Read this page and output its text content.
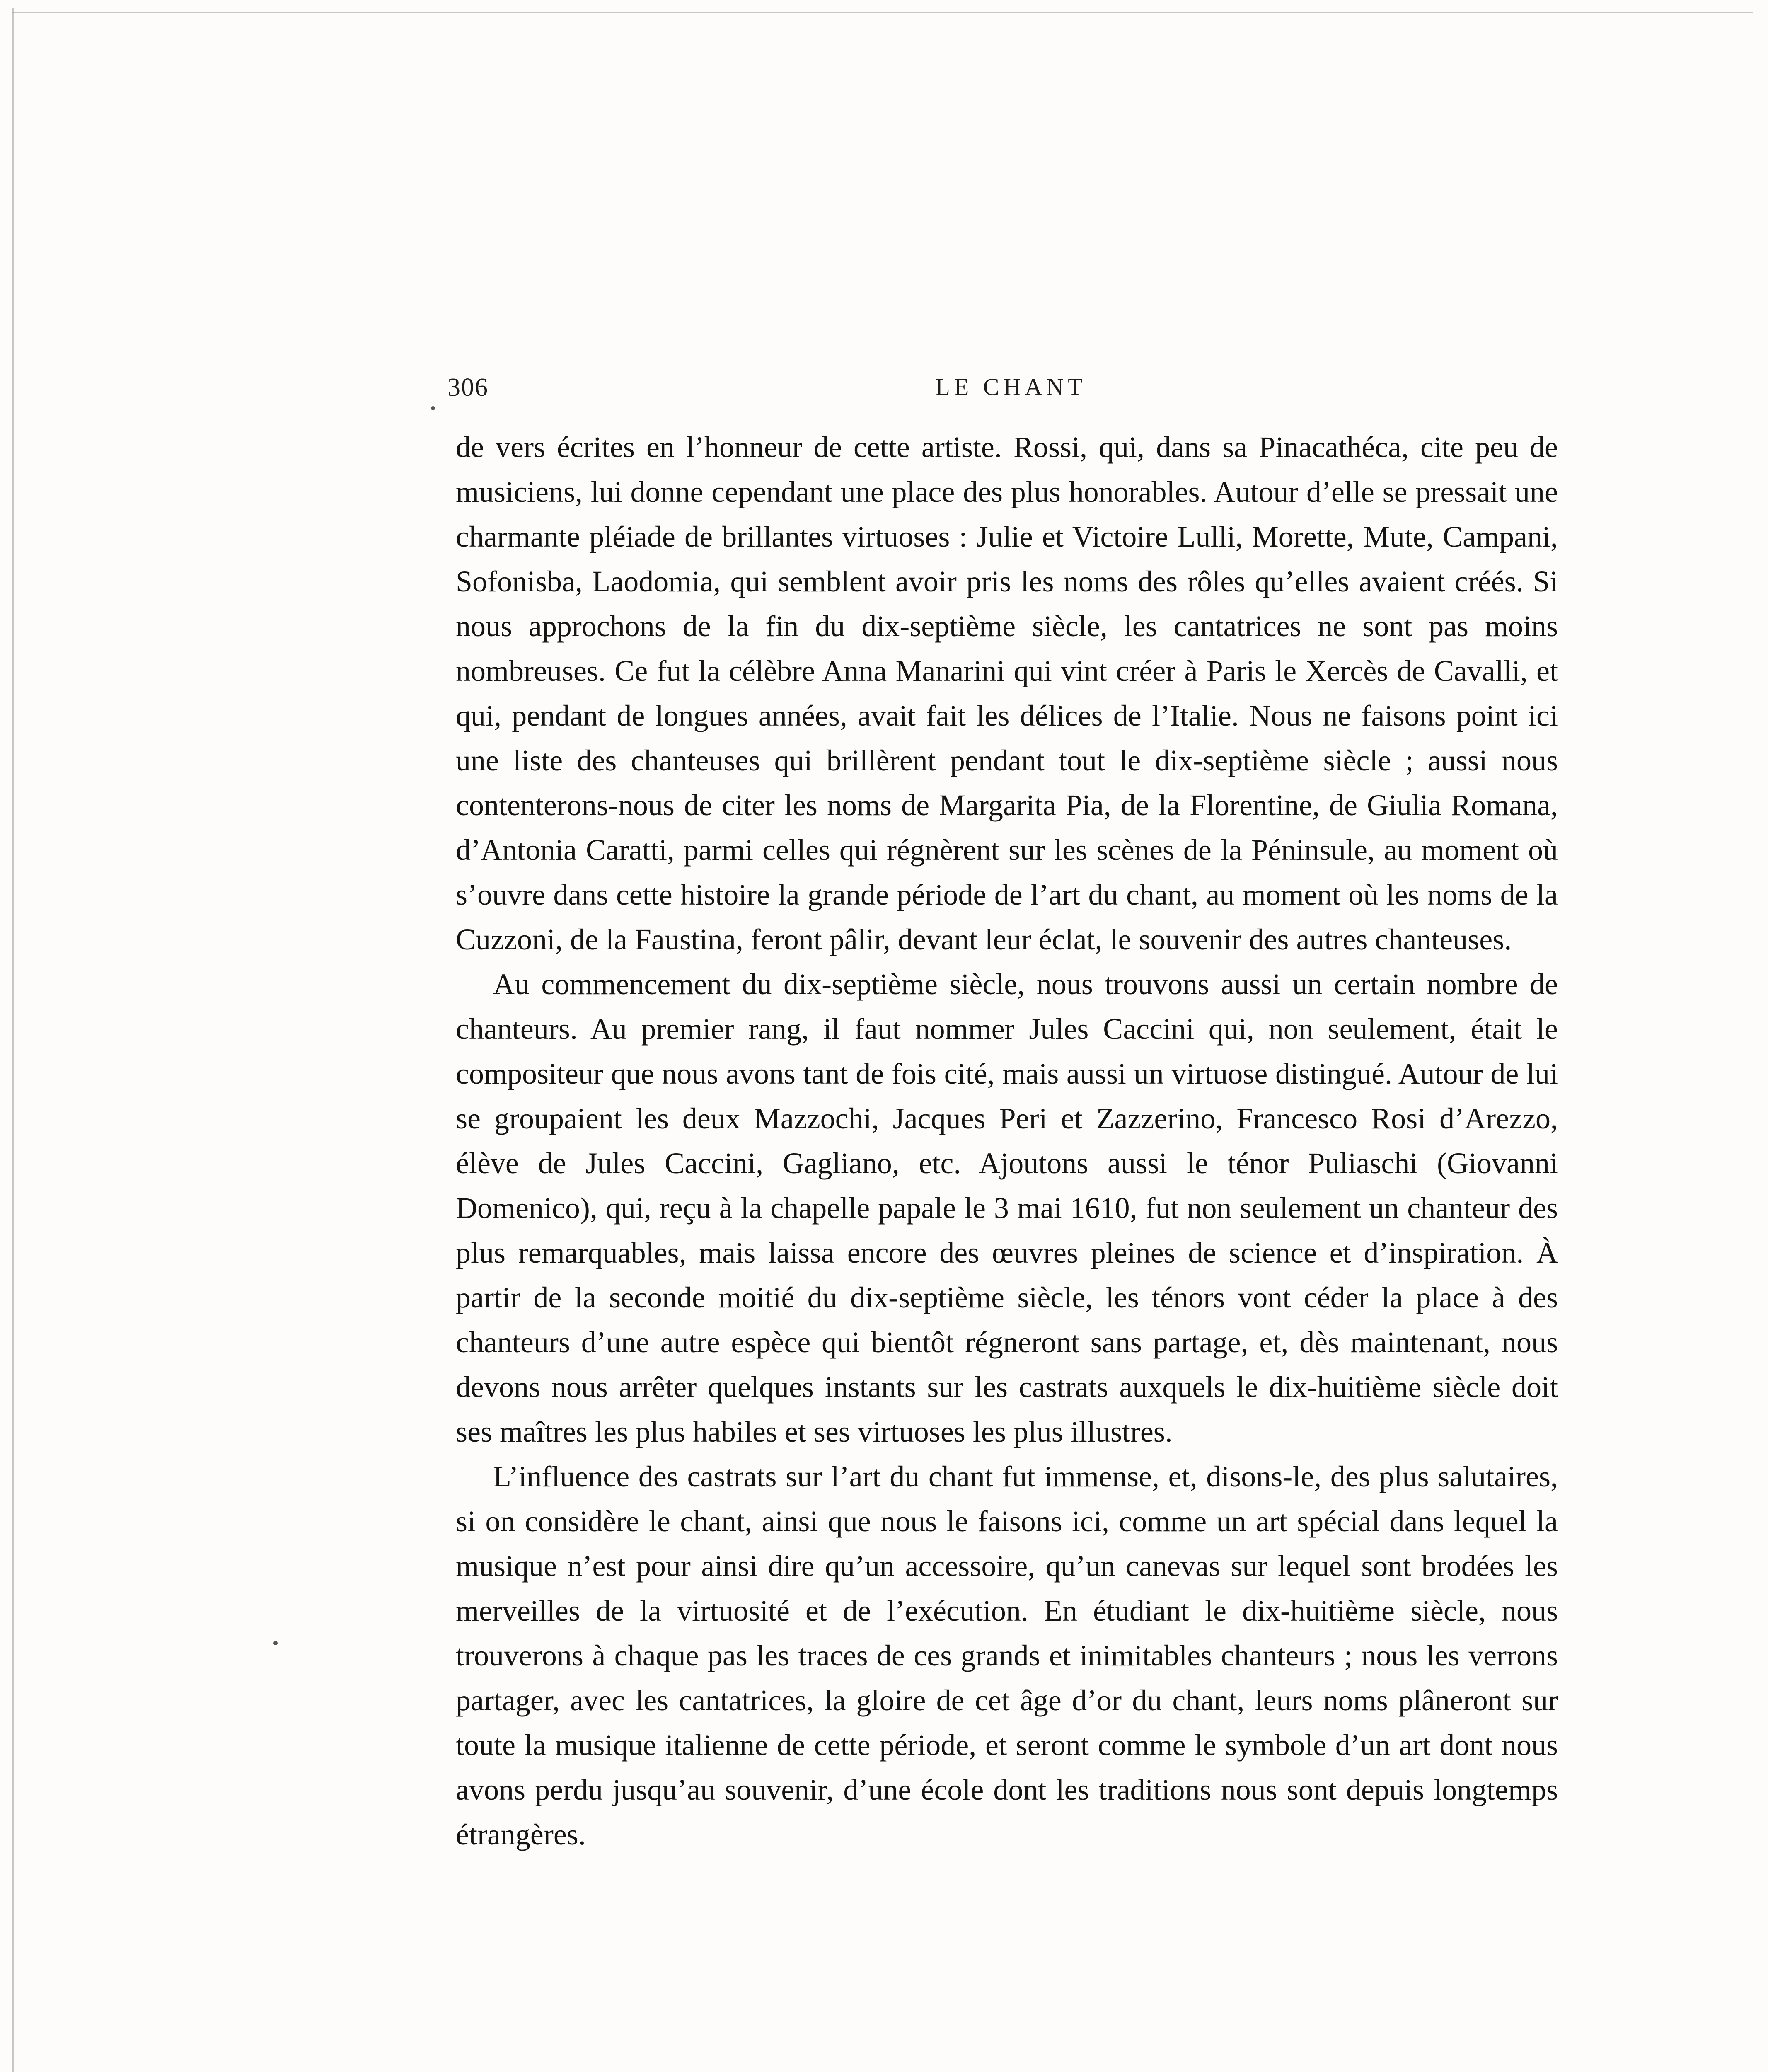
306	LE CHANT

de vers écrites en l’honneur de cette artiste. Rossi, qui, dans sa Pinacathéca, cite peu de musiciens, lui donne cependant une place des plus honorables. Autour d’elle se pressait une charmante pléiade de brillantes virtuoses : Julie et Victoire Lulli, Morette, Mute, Campani, Sofonisba, Laodomia, qui semblent avoir pris les noms des rôles qu’elles avaient créés. Si nous approchons de la fin du dix-septième siècle, les cantatrices ne sont pas moins nombreuses. Ce fut la célèbre Anna Manarini qui vint créer à Paris le Xercès de Cavalli, et qui, pendant de longues années, avait fait les délices de l’Italie. Nous ne faisons point ici une liste des chanteuses qui brillèrent pendant tout le dix-septième siècle ; aussi nous contenterons-nous de citer les noms de Margarita Pia, de la Florentine, de Giulia Romana, d’Antonia Caratti, parmi celles qui régnèrent sur les scènes de la Péninsule, au moment où s’ouvre dans cette histoire la grande période de l’art du chant, au moment où les noms de la Cuzzoni, de la Faustina, feront pâlir, devant leur éclat, le souvenir des autres chanteuses.

Au commencement du dix-septième siècle, nous trouvons aussi un certain nombre de chanteurs. Au premier rang, il faut nommer Jules Caccini qui, non seulement, était le compositeur que nous avons tant de fois cité, mais aussi un virtuose distingué. Autour de lui se groupaient les deux Mazzochi, Jacques Peri et Zazzerino, Francesco Rosi d’Arezzo, élève de Jules Caccini, Gagliano, etc. Ajoutons aussi le ténor Puliaschi (Giovanni Domenico), qui, reçu à la chapelle papale le 3 mai 1610, fut non seulement un chanteur des plus remarquables, mais laissa encore des œuvres pleines de science et d’inspiration. À partir de la seconde moitié du dix-septième siècle, les ténors vont céder la place à des chanteurs d’une autre espèce qui bientôt régneront sans partage, et, dès maintenant, nous devons nous arrêter quelques instants sur les castrats auxquels le dix-huitième siècle doit ses maîtres les plus habiles et ses virtuoses les plus illustres.

L’influence des castrats sur l’art du chant fut immense, et, disons-le, des plus salutaires, si on considère le chant, ainsi que nous le faisons ici, comme un art spécial dans lequel la musique n’est pour ainsi dire qu’un accessoire, qu’un canevas sur lequel sont brodées les merveilles de la virtuosité et de l’exécution. En étudiant le dix-huitième siècle, nous trouverons à chaque pas les traces de ces grands et inimitables chanteurs ; nous les verrons partager, avec les cantatrices, la gloire de cet âge d’or du chant, leurs noms plâneront sur toute la musique italienne de cette période, et seront comme le symbole d’un art dont nous avons perdu jusqu’au souvenir, d’une école dont les traditions nous sont depuis longtemps étrangères.
